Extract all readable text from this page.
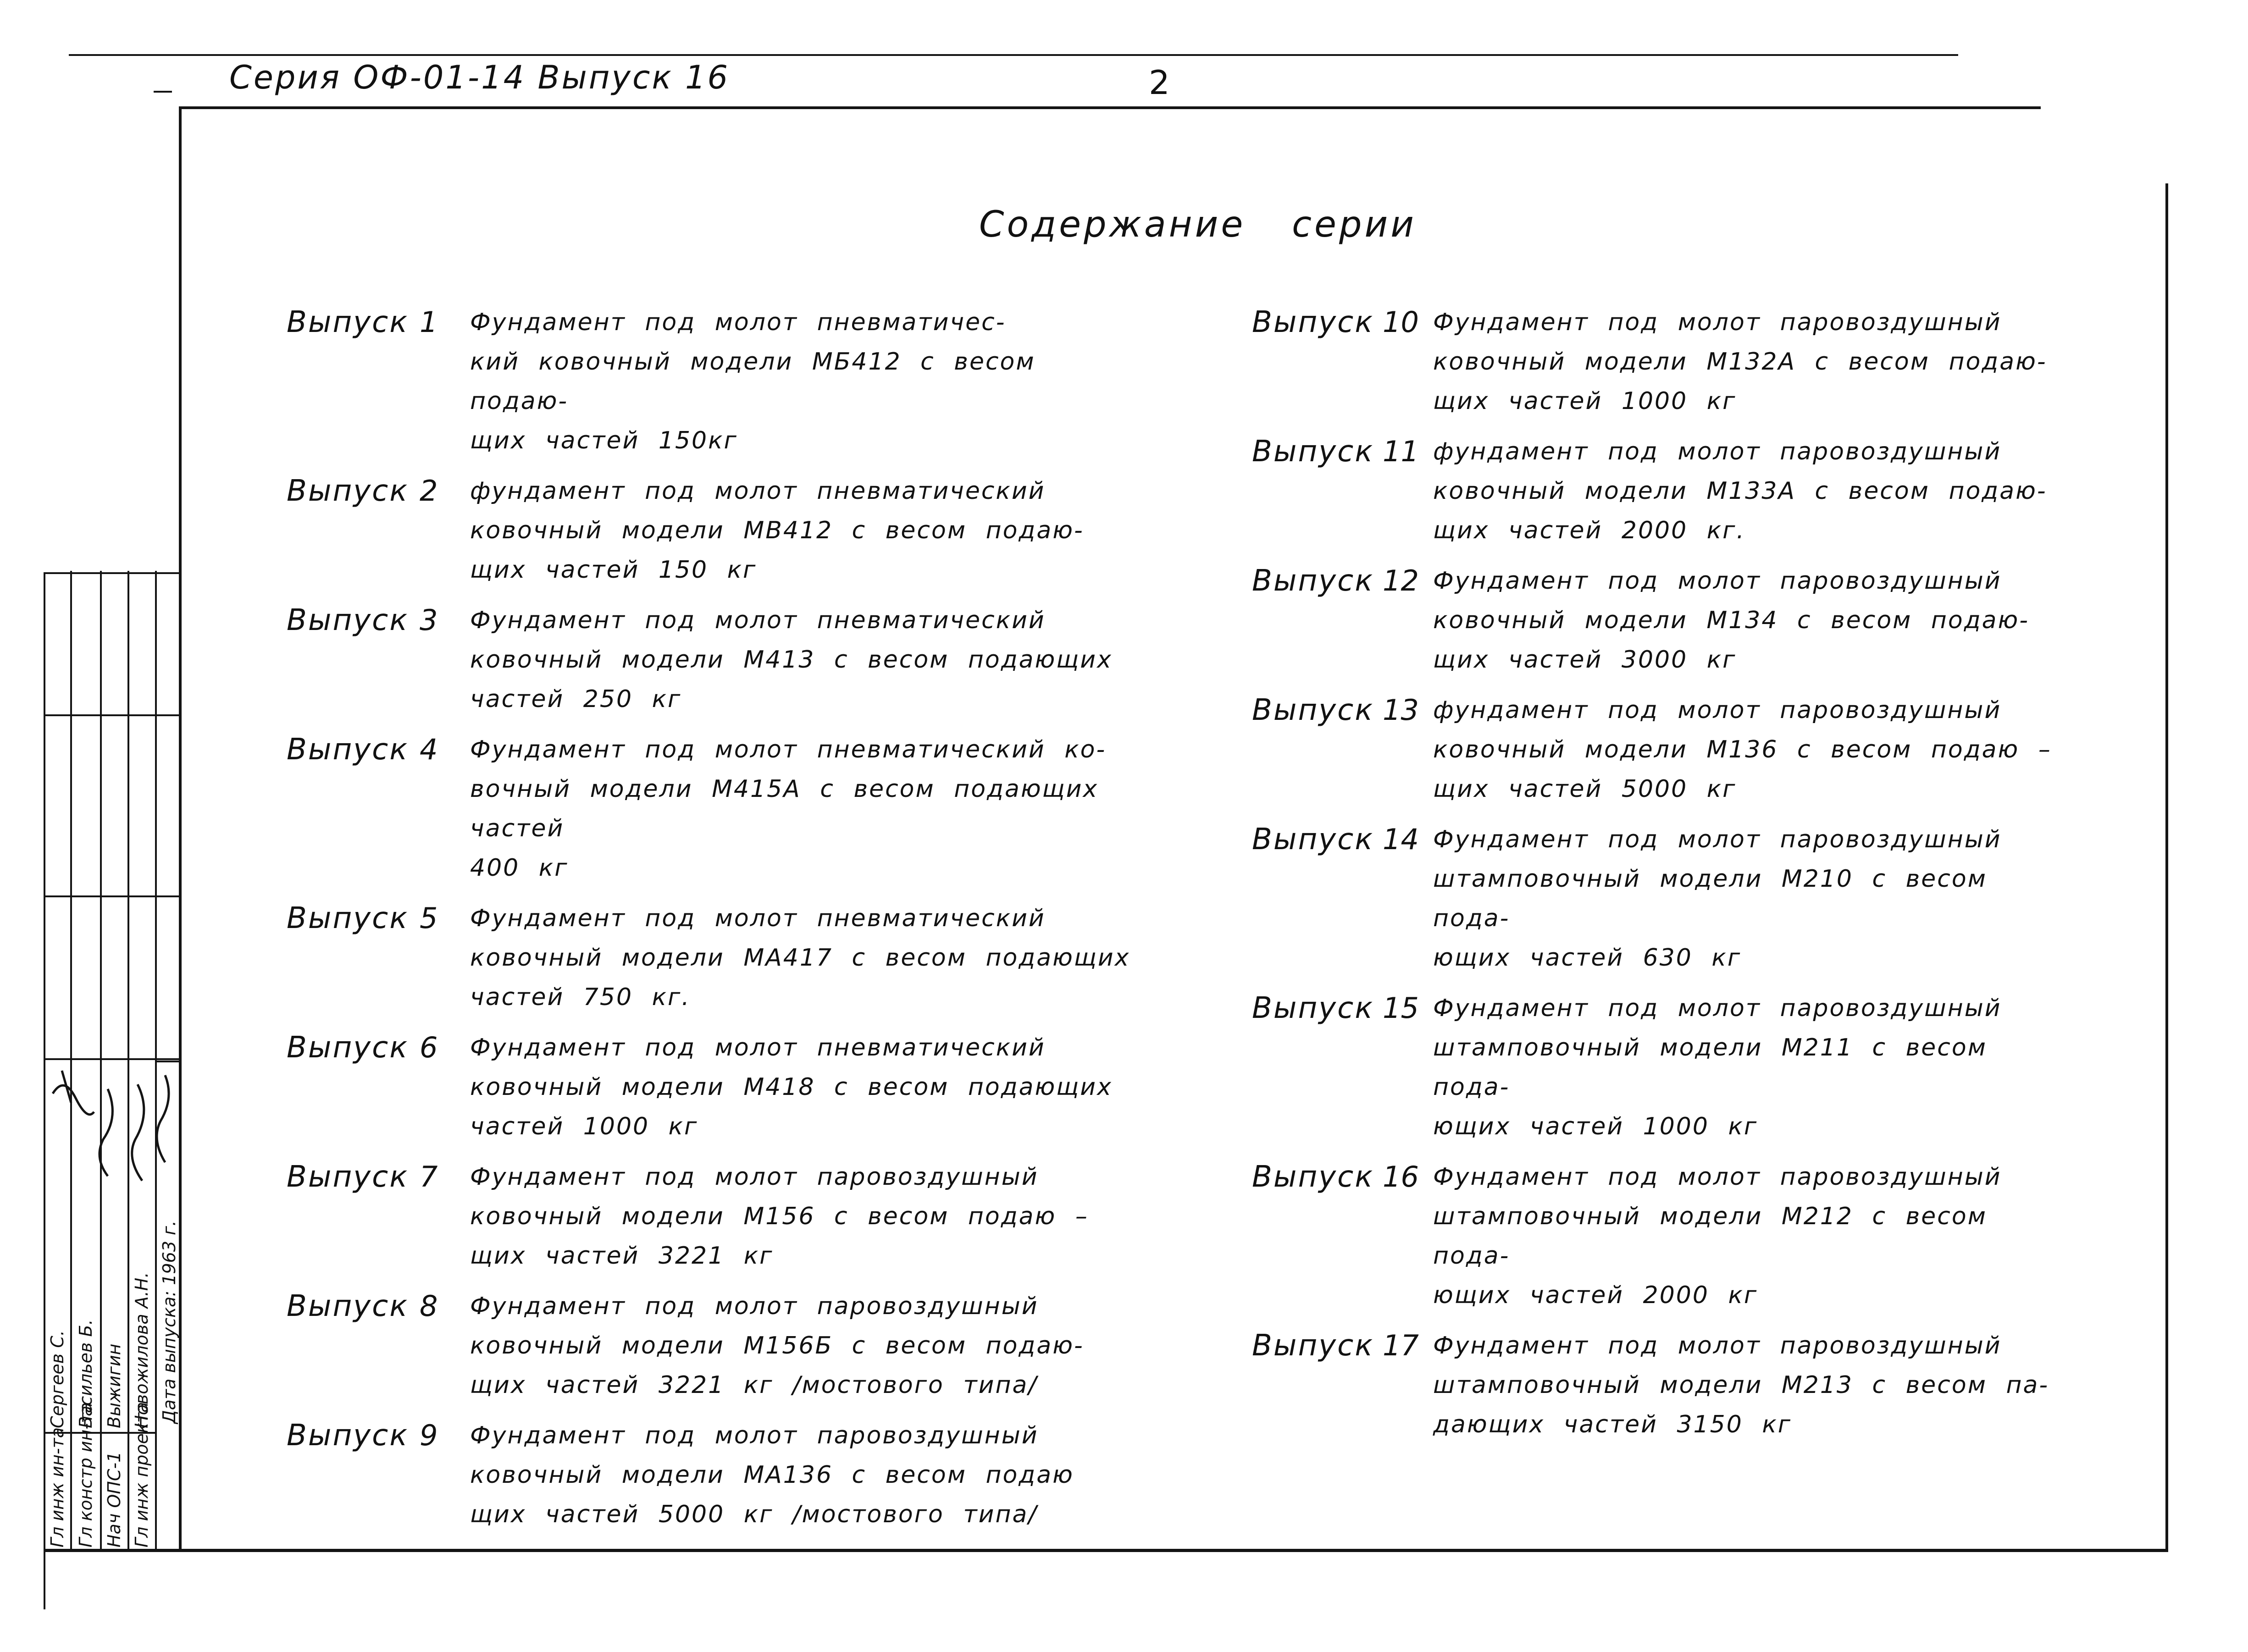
Серия ОФ-01-14 Выпуск 16	2
Содержание серии
Выпуск 1	Фундамент под молот пневматичес-
кий ковочный модели МБ412 с весом подаю-
щих частей 150кг
Выпуск 2	фундамент под молот пневматический
ковочный модели МВ412 с весом подаю-
щих частей 150 кг
Выпуск 3	Фундамент под молот пневматический
ковочный модели М413 с весом подающих
частей 250 кг
Выпуск 4	Фундамент под молот пневматический ко-
вочный модели М415А с весом подающих частей
400 кг
Выпуск 5	Фундамент под молот пневматический
ковочный модели МА417 с весом подающих
частей 750 кг.
Выпуск 6	Фундамент под молот пневматический
ковочный модели М418 с весом подающих
частей 1000 кг
Выпуск 7	Фундамент под молот паровоздушный
ковочный модели М156 с весом подаю –
щих частей 3221 кг
Выпуск 8	Фундамент под молот паровоздушный
ковочный модели М156Б с весом подаю-
щих частей 3221 кг /мостового типа/
Выпуск 9	Фундамент под молот паровоздушный
ковочный модели МА136 с весом подаю
щих частей 5000 кг /мостового типа/
Выпуск 10 Фундамент под молот паровоздушный
ковочный модели М132А с весом подаю-
щих частей 1000 кг
Выпуск 11 фундамент под молот паровоздушный
ковочный модели М133А с весом подаю-
щих частей 2000 кг.
Выпуск 12 Фундамент под молот паровоздушный
ковочный модели М134 с весом подаю-
щих частей 3000 кг
Выпуск 13 фундамент под молот паровоздушный
ковочный модели М136 с весом подаю –
щих частей 5000 кг
Выпуск 14 Фундамент под молот паровоздушный
штамповочный модели М210 с весом пода-
ющих частей 630 кг
Выпуск 15 Фундамент под молот паровоздушный
штамповочный модели М211 с весом пода-
ющих частей 1000 кг
Выпуск 16 Фундамент под молот паровоздушный
штамповочный модели М212 с весом пода-
ющих частей 2000 кг
Выпуск 17 Фундамент под молот паровоздушный
штамповочный модели М213 с весом па-
дающих частей 3150 кг
Гл инж ин-та
Сергеев С.
Гл констр ин-та
Васильев Б.
Нач ОПС-1
Выжигин
Гл инж проекта
Новожилова А.Н. Дата выпуска: 1963 г.
